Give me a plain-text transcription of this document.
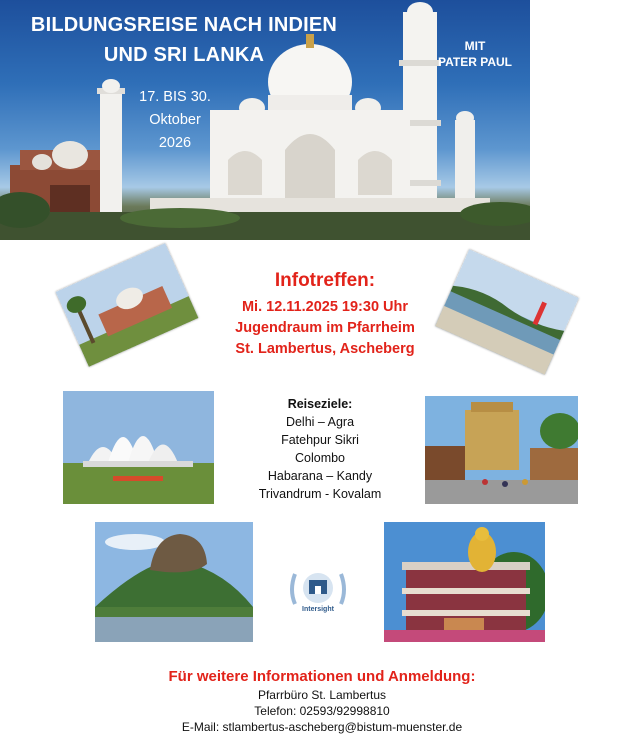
BILDUNGSREISE NACH INDIEN
UND SRI LANKA
17. BIS 30.
Oktober
2026
MIT
PATER PAUL
Infotreffen:
Mi. 12.11.2025 19:30 Uhr
Jugendraum im Pfarrheim
St. Lambertus, Ascheberg
Reiseziele:
Delhi – Agra
Fatehpur Sikri
Colombo
Habarana – Kandy
Trivandrum - Kovalam
Intersight
Für weitere Informationen und Anmeldung:
Pfarrbüro St. Lambertus
Telefon: 02593/92998810
E-Mail: stlambertus-ascheberg@bistum-muenster.de
